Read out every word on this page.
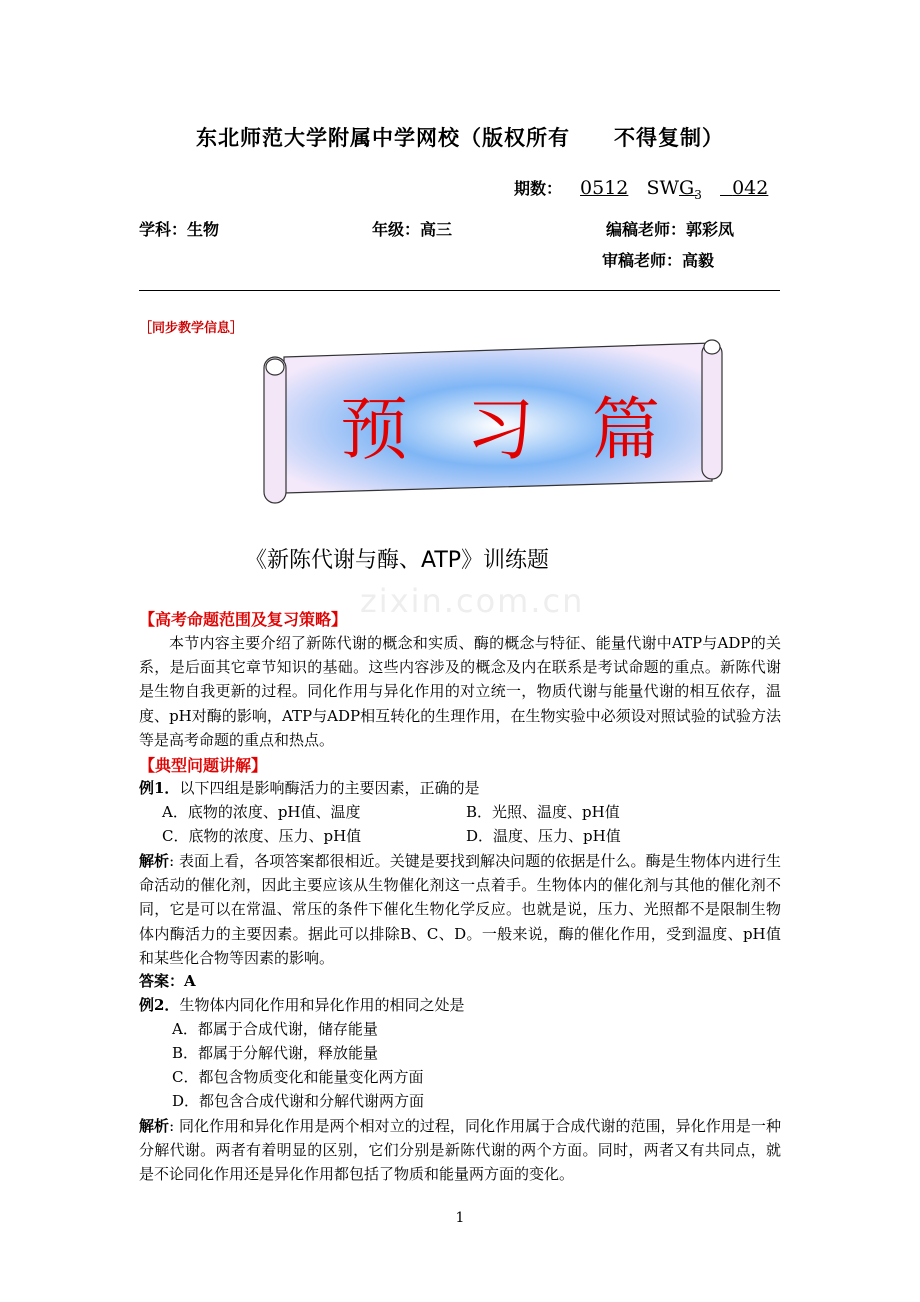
东北师范大学附属中学网校（版权所有　　不得复制）
期数： 0512 $SWG_3$ 042
学科：生物	年级：高三	编稿老师：郭彩凤
审稿老师：高毅
［同步教学信息］
预 习 篇
《新陈代谢与酶、ATP》训练题
zixin.com.cn
【高考命题范围及复习策略】
本节内容主要介绍了新陈代谢的概念和实质、酶的概念与特征、能量代谢中ATP与ADP的关系，是后面其它章节知识的基础。这些内容涉及的概念及内在联系是考试命题的重点。新陈代谢是生物自我更新的过程。同化作用与异化作用的对立统一，物质代谢与能量代谢的相互依存，温度、pH对酶的影响，ATP与ADP相互转化的生理作用，在生物实验中必须设对照试验的试验方法等是高考命题的重点和热点。
【典型问题讲解】
例1．以下四组是影响酶活力的主要因素，正确的是
A．底物的浓度、pH值、温度	B．光照、温度、pH值
C．底物的浓度、压力、pH值	D．温度、压力、pH值
解析: 表面上看，各项答案都很相近。关键是要找到解决问题的依据是什么。酶是生物体内进行生命活动的催化剂，因此主要应该从生物催化剂这一点着手。生物体内的催化剂与其他的催化剂不同，它是可以在常温、常压的条件下催化生物化学反应。也就是说，压力、光照都不是限制生物体内酶活力的主要因素。据此可以排除B、C、D。一般来说，酶的催化作用，受到温度、pH值和某些化合物等因素的影响。
答案：A
例2．生物体内同化作用和异化作用的相同之处是
A．都属于合成代谢，储存能量
B．都属于分解代谢，释放能量
C．都包含物质变化和能量变化两方面
D．都包含合成代谢和分解代谢两方面
解析: 同化作用和异化作用是两个相对立的过程，同化作用属于合成代谢的范围，异化作用是一种分解代谢。两者有着明显的区别，它们分别是新陈代谢的两个方面。同时，两者又有共同点，就是不论同化作用还是异化作用都包括了物质和能量两方面的变化。
1
